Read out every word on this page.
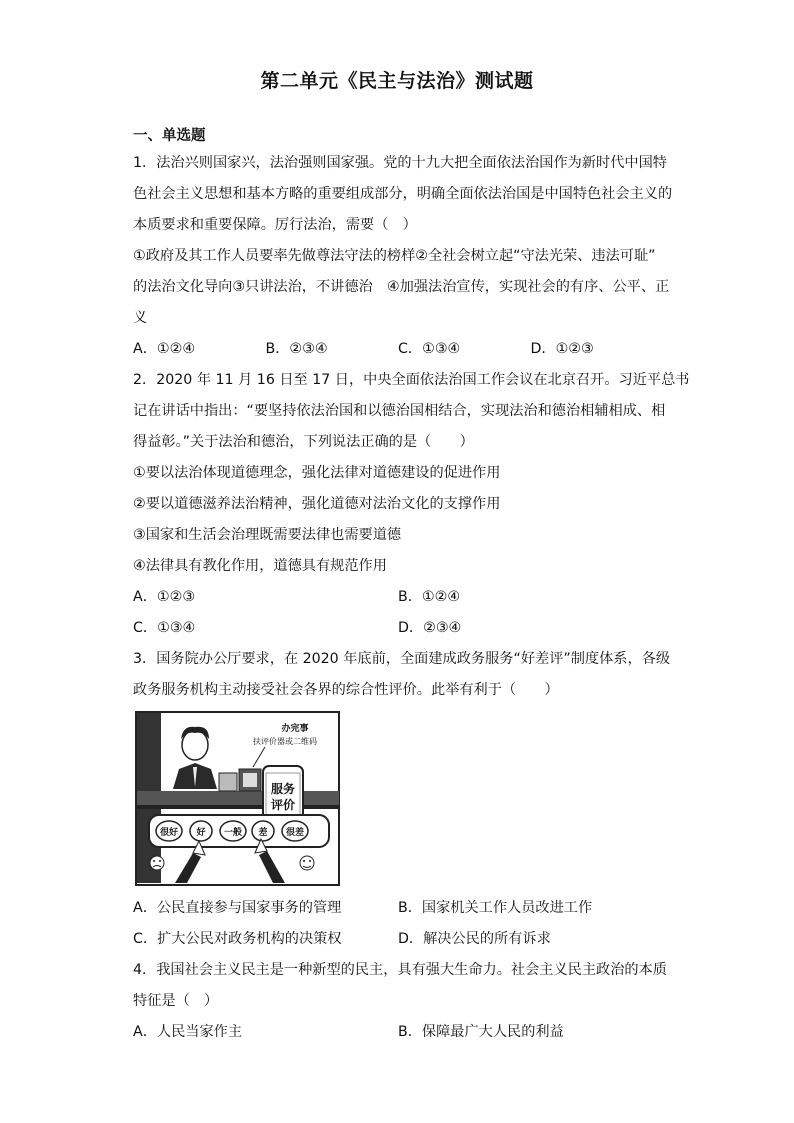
第二单元《民主与法治》测试题
一、单选题
1．法治兴则国家兴，法治强则国家强。党的十九大把全面依法治国作为新时代中国特
色社会主义思想和基本方略的重要组成部分，明确全面依法治国是中国特色社会主义的
本质要求和重要保障。厉行法治，需要（　）
①政府及其工作人员要率先做尊法守法的榜样②全社会树立起“守法光荣、违法可耻”
的法治文化导向③只讲法治，不讲德治　④加强法治宣传，实现社会的有序、公平、正
义
A．①②④	B．②③④	C．①③④	D．①②③
2．2020 年 11 月 16 日至 17 日，中央全面依法治国工作会议在北京召开。习近平总书
记在讲话中指出：“要坚持依法治国和以德治国相结合，实现法治和德治相辅相成、相
得益彰。”关于法治和德治，下列说法正确的是（　　）
①要以法治体现道德理念，强化法律对道德建设的促进作用
②要以道德滋养法治精神，强化道德对法治文化的支撑作用
③国家和生活会治理既需要法律也需要道德
④法律具有教化作用，道德具有规范作用
A．①②③	B．①②④
C．①③④	D．②③④
3．国务院办公厅要求，在 2020 年底前，全面建成政务服务“好差评”制度体系，各级
政务服务机构主动接受社会各界的综合性评价。此举有利于（　　）
服务
评价
办完事
扶评价器或二维码
很好 好 一般 差 很差
A．公民直接参与国家事务的管理	B．国家机关工作人员改进工作
C．扩大公民对政务机构的决策权	D．解决公民的所有诉求
4．我国社会主义民主是一种新型的民主，具有强大生命力。社会主义民主政治的本质
特征是（　）
A．人民当家作主	B．保障最广大人民的利益
